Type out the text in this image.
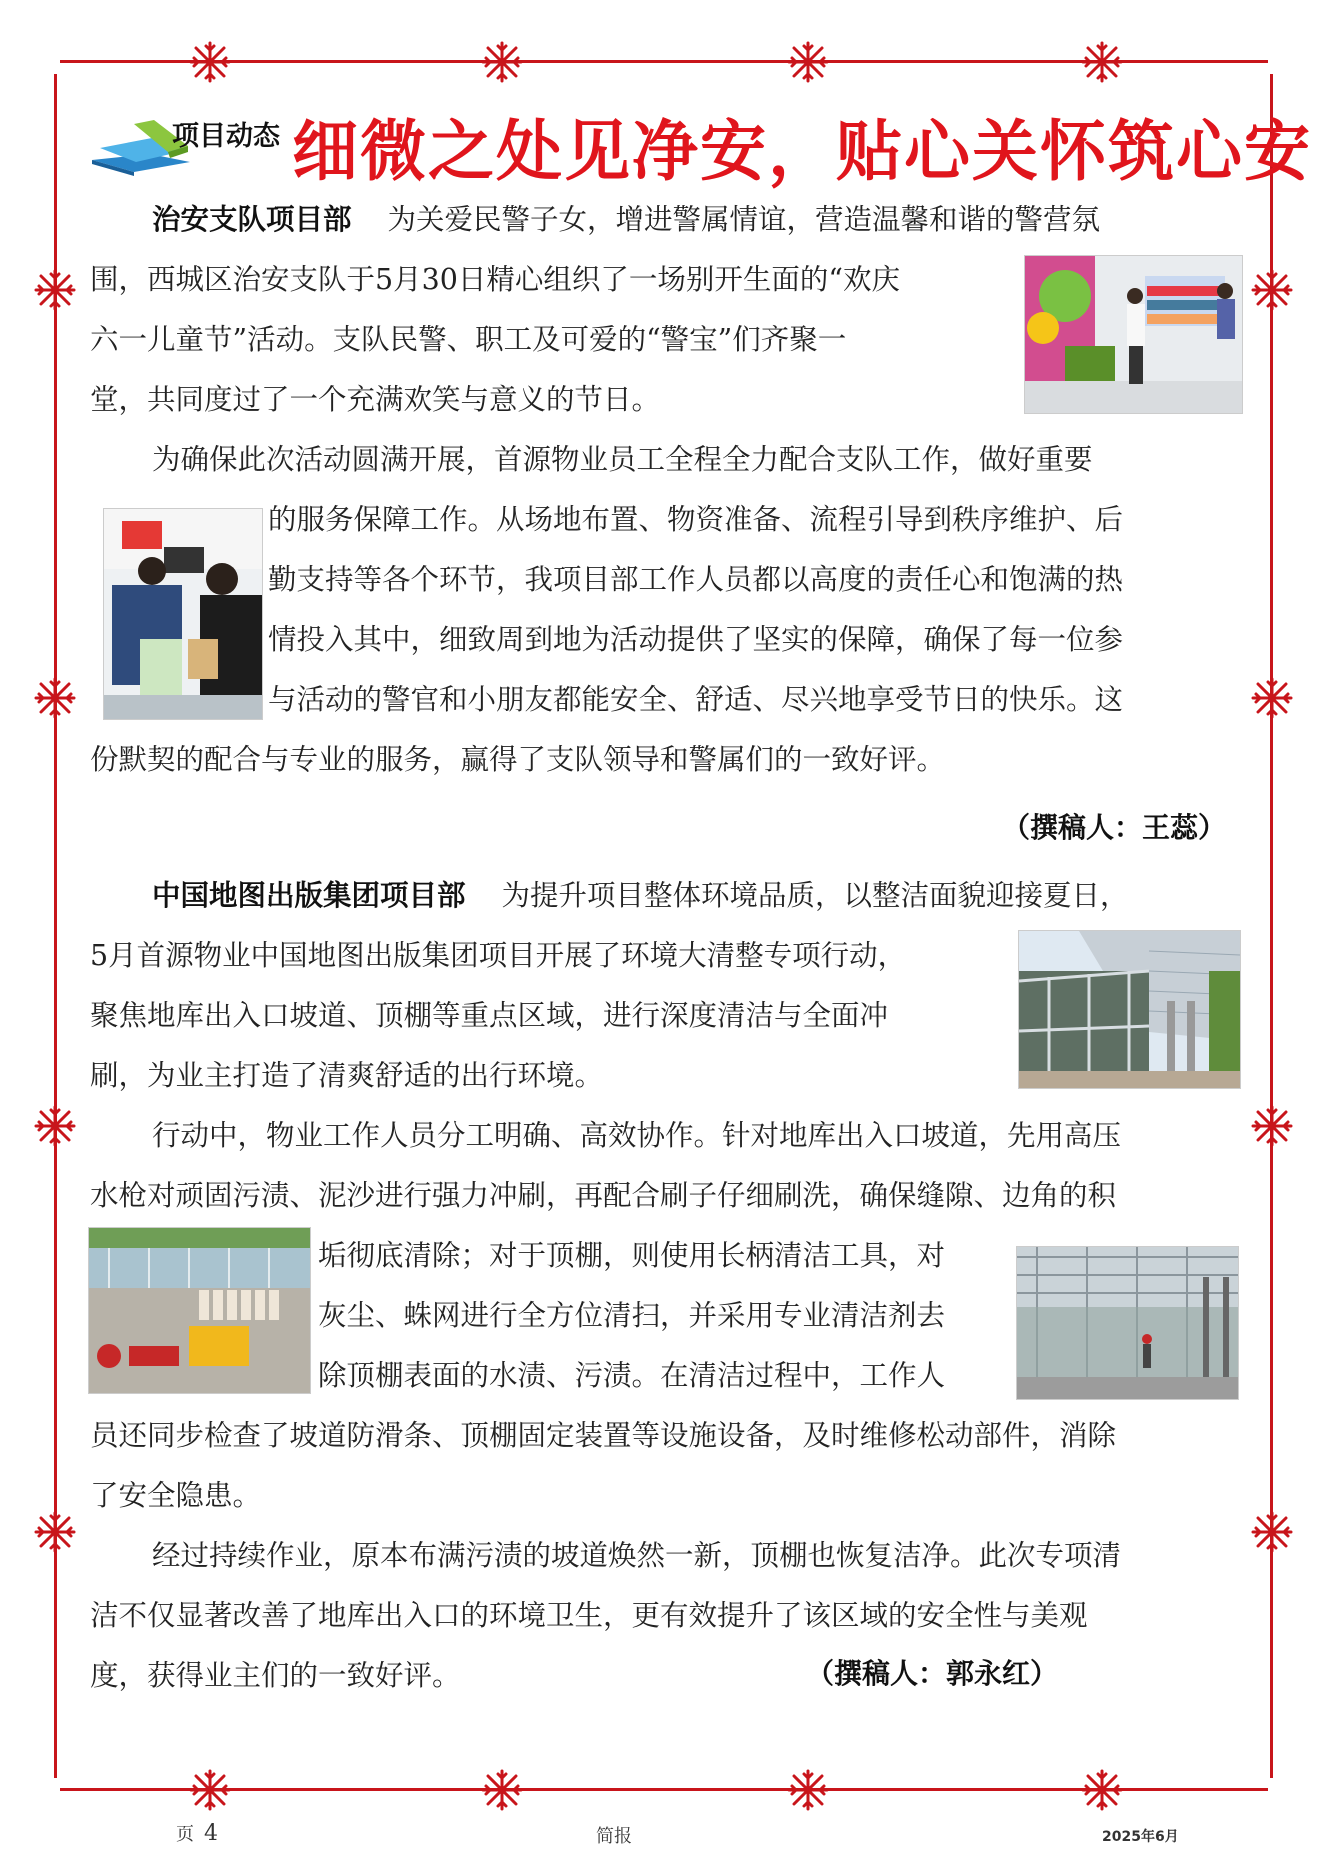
项目动态 细微之处见净安，贴心关怀筑心安
治安支队项目部 为关爱民警子女，增进警属情谊，营造温馨和谐的警营氛
围，西城区治安支队于5月30日精心组织了一场别开生面的“欢庆
六一儿童节”活动。支队民警、职工及可爱的“警宝”们齐聚一
堂，共同度过了一个充满欢笑与意义的节日。
为确保此次活动圆满开展，首源物业员工全程全力配合支队工作，做好重要
的服务保障工作。从场地布置、物资准备、流程引导到秩序维护、后
勤支持等各个环节，我项目部工作人员都以高度的责任心和饱满的热
情投入其中，细致周到地为活动提供了坚实的保障，确保了每一位参
与活动的警官和小朋友都能安全、舒适、尽兴地享受节日的快乐。这
份默契的配合与专业的服务，赢得了支队领导和警属们的一致好评。
（撰稿人：王蕊）
中国地图出版集团项目部 为提升项目整体环境品质，以整洁面貌迎接夏日，
5月首源物业中国地图出版集团项目开展了环境大清整专项行动，
聚焦地库出入口坡道、顶棚等重点区域，进行深度清洁与全面冲
刷，为业主打造了清爽舒适的出行环境。
行动中，物业工作人员分工明确、高效协作。针对地库出入口坡道，先用高压
水枪对顽固污渍、泥沙进行强力冲刷，再配合刷子仔细刷洗，确保缝隙、边角的积
垢彻底清除；对于顶棚，则使用长柄清洁工具，对
灰尘、蛛网进行全方位清扫，并采用专业清洁剂去
除顶棚表面的水渍、污渍。在清洁过程中，工作人
员还同步检查了坡道防滑条、顶棚固定装置等设施设备，及时维修松动部件，消除
了安全隐患。
经过持续作业，原本布满污渍的坡道焕然一新，顶棚也恢复洁净。此次专项清
洁不仅显著改善了地库出入口的环境卫生，更有效提升了该区域的安全性与美观
度，获得业主们的一致好评。	（撰稿人：郭永红）
页 4	简报	2025年6月
